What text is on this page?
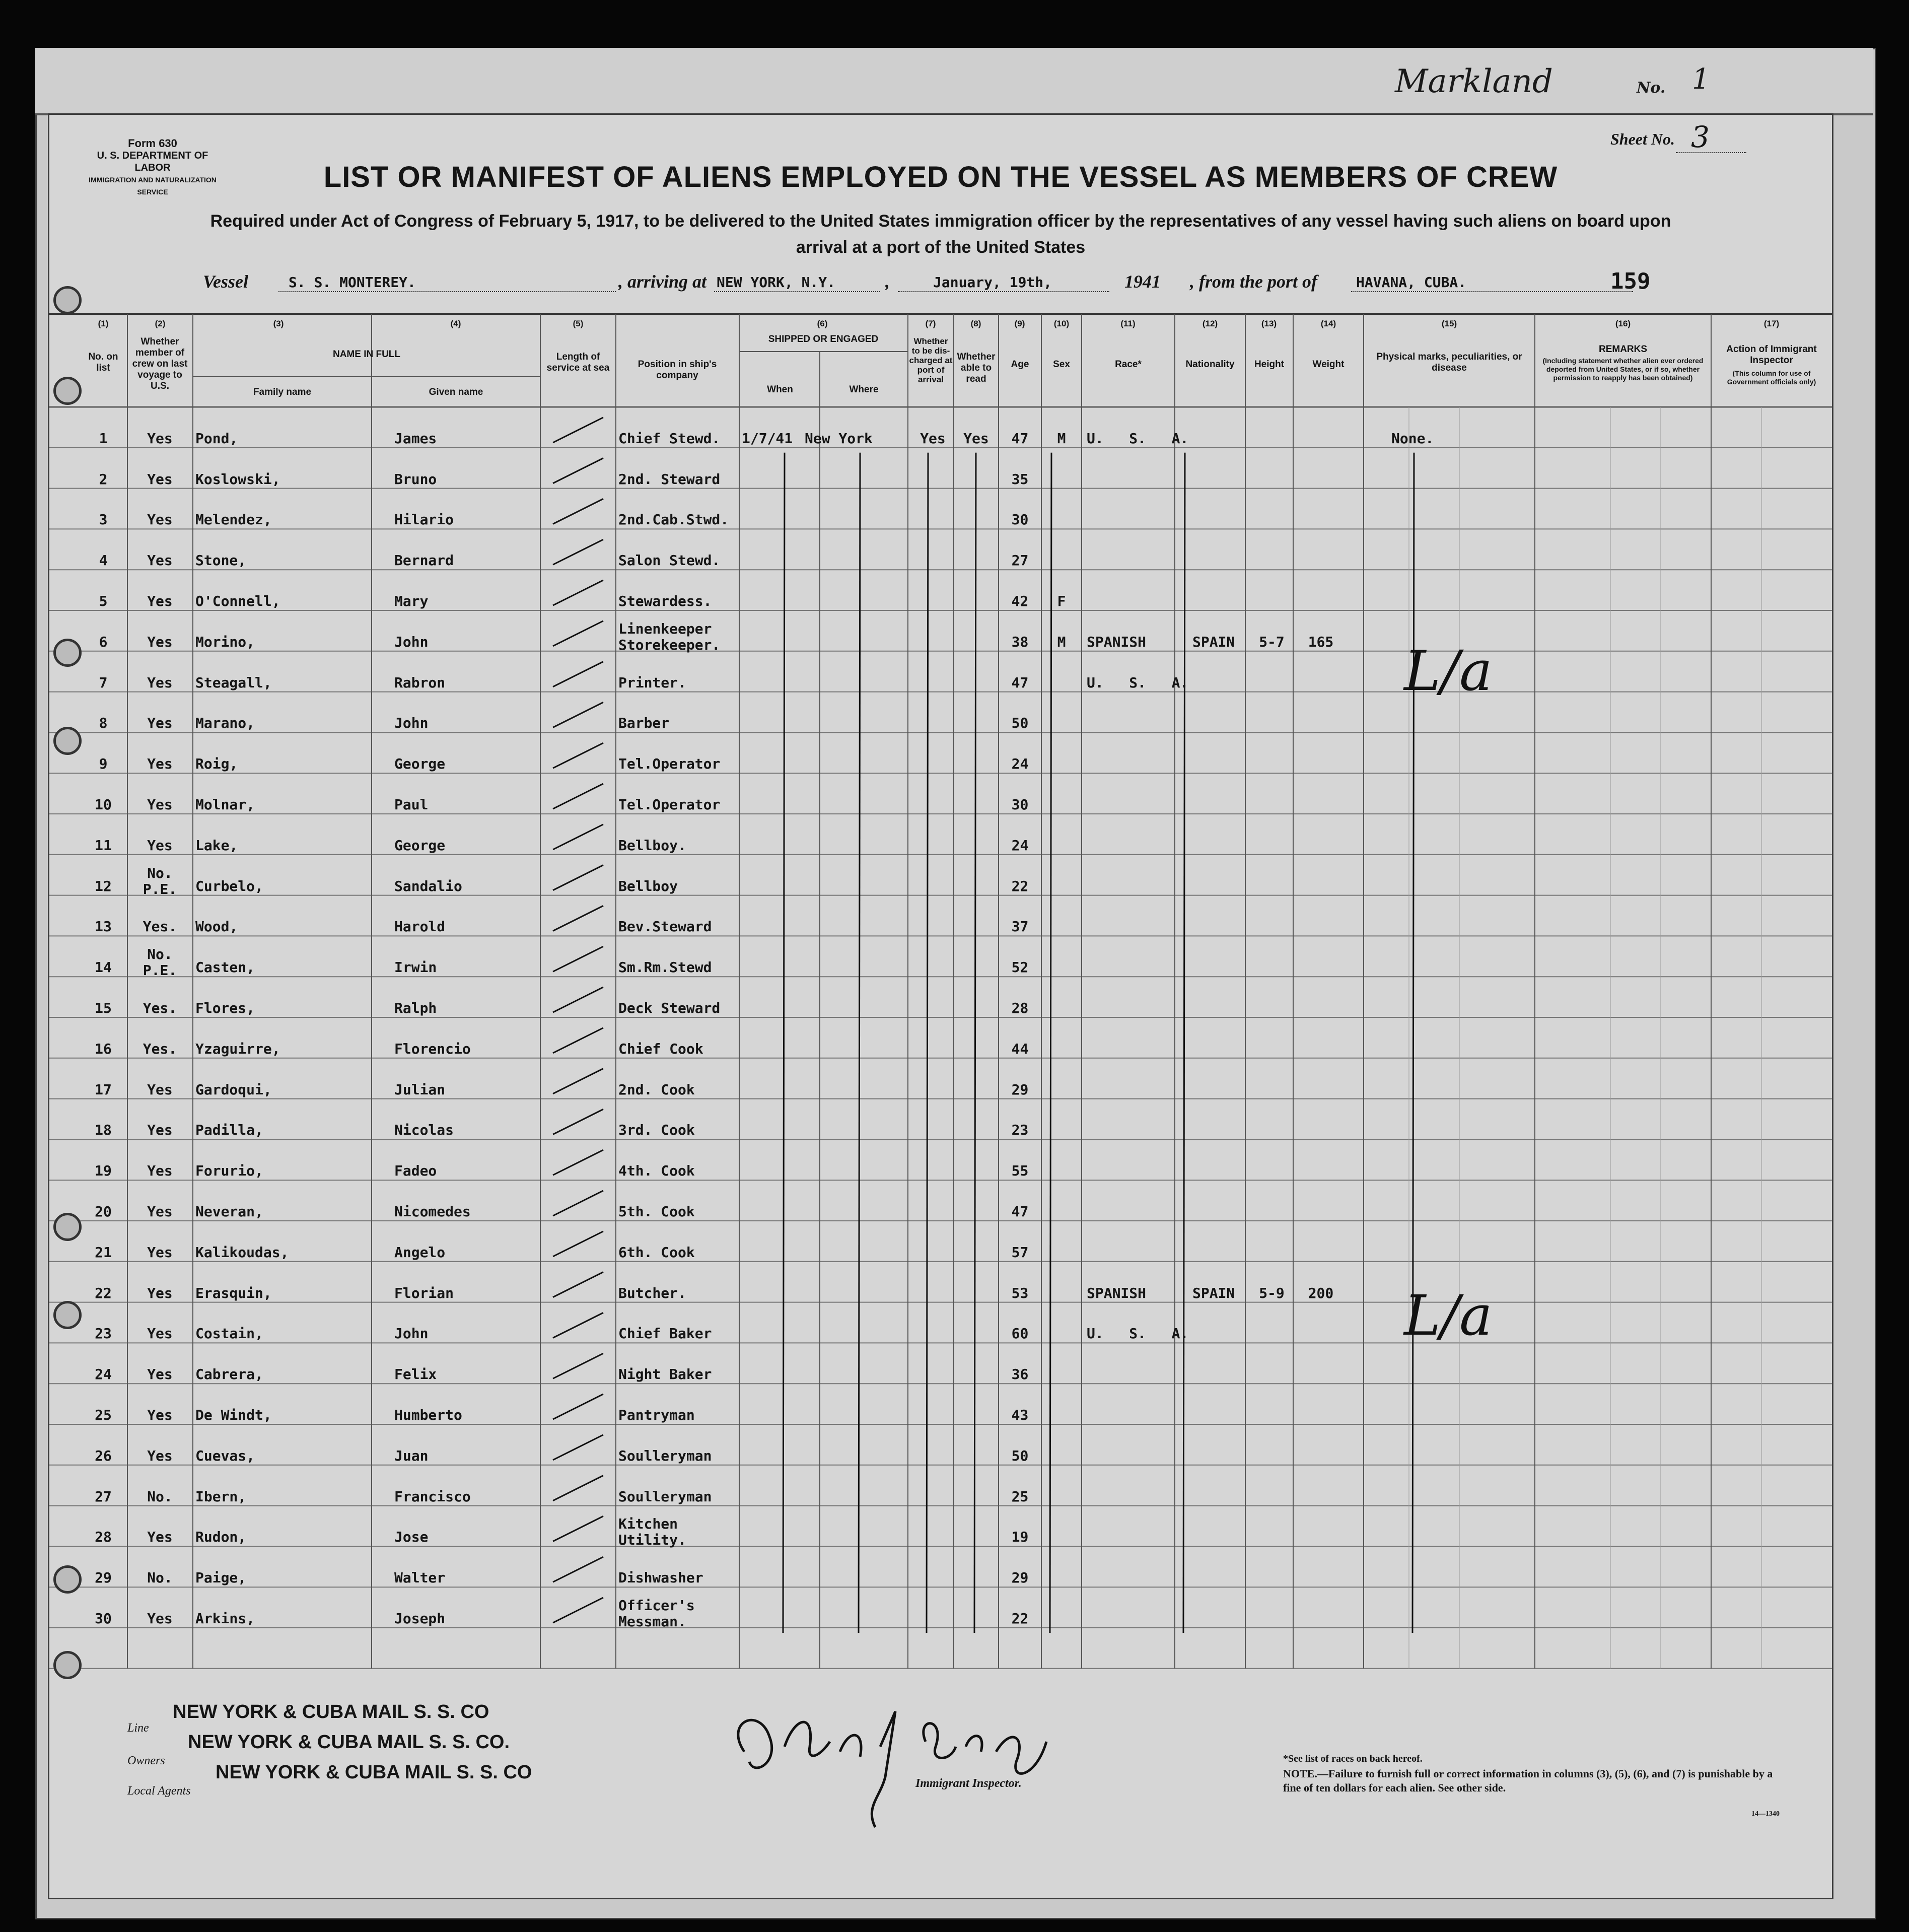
Markland	No. 1
Form 630
U. S. DEPARTMENT OF LABOR
IMMIGRATION AND NATURALIZATION SERVICE
Sheet No. 3
LIST OR MANIFEST OF ALIENS EMPLOYED ON THE VESSEL AS MEMBERS OF CREW
Required under Act of Congress of February 5, 1917, to be delivered to the United States immigration officer by the representatives of any vessel having such aliens on board upon arrival at a port of the United States
Vessel	S. S. MONTEREY.	, arriving at NEW YORK, N.Y.	,	January, 19th,	1941 , from the port of	HAVANA, CUBA.	159
(1)	(2)	(3)	(4)	(5)	(6)	(7)	(8)	(9)	(10)	(11)	(12)	(13)	(14)	(15)	(16)	(17)
No. on list
Whether member of crew on last voyage to U.S.
NAME IN FULL
Family name	Given name
Length of service at sea	Position in ship's company
SHIPPED OR ENGAGED
When	Where
Whether to be dis-charged at port of arrival
Whether able to read
Age	Sex	Race*	Nationality	Height	Weight
Physical marks, peculiarities, or disease
REMARKS
(Including statement whether alien ever ordered deported from United States, or if so, whether permission to reapply has been obtained)
Action of Immigrant Inspector
(This column for use of Government officials only)
1	Yes	Pond,	James	Chief Stewd.	1/7/41 New York	Yes	Yes	47	M	U.   S.   A.	None.
2	Yes	Koslowski,	Bruno	2nd. Steward	35
3	Yes	Melendez,	Hilario	2nd.Cab.Stwd.	30
4	Yes	Stone,	Bernard	Salon Stewd.	27
5	Yes	O'Connell,	Mary	Stewardess.	42	F
6	Yes	Morino,	John
Linenkeeper
Storekeeper.	38	M	SPANISH	SPAIN	5-7	165
7	Yes	Steagall,	Rabron	Printer.	47	U.   S.   A.
8	Yes	Marano,	John	Barber	50
9	Yes	Roig,	George	Tel.Operator	24
10	Yes	Molnar,	Paul	Tel.Operator	30
11	Yes	Lake,	George	Bellboy.	24
12
No.
P.E.	Curbelo,	Sandalio	Bellboy	22
13	Yes.	Wood,	Harold	Bev.Steward	37
14
No.
P.E.	Casten,	Irwin	Sm.Rm.Stewd	52
15	Yes.	Flores,	Ralph	Deck Steward	28
16	Yes.	Yzaguirre,	Florencio	Chief Cook	44
17	Yes	Gardoqui,	Julian	2nd. Cook	29
18	Yes	Padilla,	Nicolas	3rd. Cook	23
19	Yes	Forurio,	Fadeo	4th. Cook	55
20	Yes	Neveran,	Nicomedes	5th. Cook	47
21	Yes	Kalikoudas,	Angelo	6th. Cook	57
22	Yes	Erasquin,	Florian	Butcher.	53	SPANISH	SPAIN	5-9	200
23	Yes	Costain,	John	Chief Baker	60	U.   S.   A.
24	Yes	Cabrera,	Felix	Night Baker	36
25	Yes	De Windt,	Humberto	Pantryman	43
26	Yes	Cuevas,	Juan	Soulleryman	50
27	No.	Ibern,	Francisco	Soulleryman	25
28	Yes	Rudon,	Jose
Kitchen
Utility.	19
29	No.	Paige,	Walter	Dishwasher	29
30	Yes	Arkins,	Joseph
Officer's
Messman.	22
L/a
L/a
Line
NEW YORK & CUBA MAIL S. S. CO
Owners
NEW YORK & CUBA MAIL S. S. CO.
Local Agents
NEW YORK & CUBA MAIL S. S. CO
Immigrant Inspector.
*See list of races on back hereof.
NOTE.—Failure to furnish full or correct information in columns (3), (5), (6), and (7) is punishable by a fine of ten dollars for each alien. See other side.
14—1340
